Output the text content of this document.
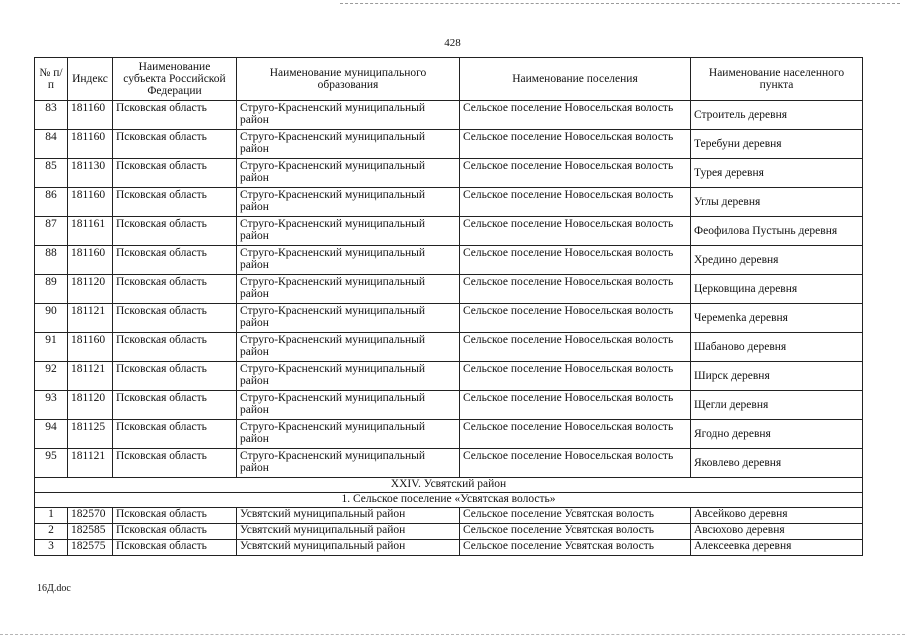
428
№ п/п	Индекс	Наименование субъекта Российской Федерации	Наименование муниципального образования	Наименование поселения	Наименование населенного пункта
83	181160	Псковская область	Струго-Красненский муниципальный район	Сельское поселение Новосельская волость	Строитель деревня
84	181160	Псковская область	Струго-Красненский муниципальный район	Сельское поселение Новосельская волость	Теребуни деревня
85	181130	Псковская область	Струго-Красненский муниципальный район	Сельское поселение Новосельская волость	Турея деревня
86	181160	Псковская область	Струго-Красненский муниципальный район	Сельское поселение Новосельская волость	Углы деревня
87	181161	Псковская область	Струго-Красненский муниципальный район	Сельское поселение Новосельская волость	Феофилова Пустынь деревня
88	181160	Псковская область	Струго-Красненский муниципальный район	Сельское поселение Новосельская волость	Хредино деревня
89	181120	Псковская область	Струго-Красненский муниципальный район	Сельское поселение Новосельская волость	Церковщина деревня
90	181121	Псковская область	Струго-Красненский муниципальный район	Сельское поселение Новосельская волость	Черемenka деревня
91	181160	Псковская область	Струго-Красненский муниципальный район	Сельское поселение Новосельская волость	Шабаново деревня
92	181121	Псковская область	Струго-Красненский муниципальный район	Сельское поселение Новосельская волость	Ширск деревня
93	181120	Псковская область	Струго-Красненский муниципальный район	Сельское поселение Новосельская волость	Щегли деревня
94	181125	Псковская область	Струго-Красненский муниципальный район	Сельское поселение Новосельская волость	Ягодно деревня
95	181121	Псковская область	Струго-Красненский муниципальный район	Сельское поселение Новосельская волость	Яковлево деревня
XXIV. Усвятский район					
1. Сельское поселение «Усвятская волость»					
1	182570	Псковская область	Усвятский муниципальный район	Сельское поселение Усвятская волость	Авсейково деревня
2	182585	Псковская область	Усвятский муниципальный район	Сельское поселение Усвятская волость	Авсюхово деревня
3	182575	Псковская область	Усвятский муниципальный район	Сельское поселение Усвятская волость	Алексеевка деревня
16Д.doc
